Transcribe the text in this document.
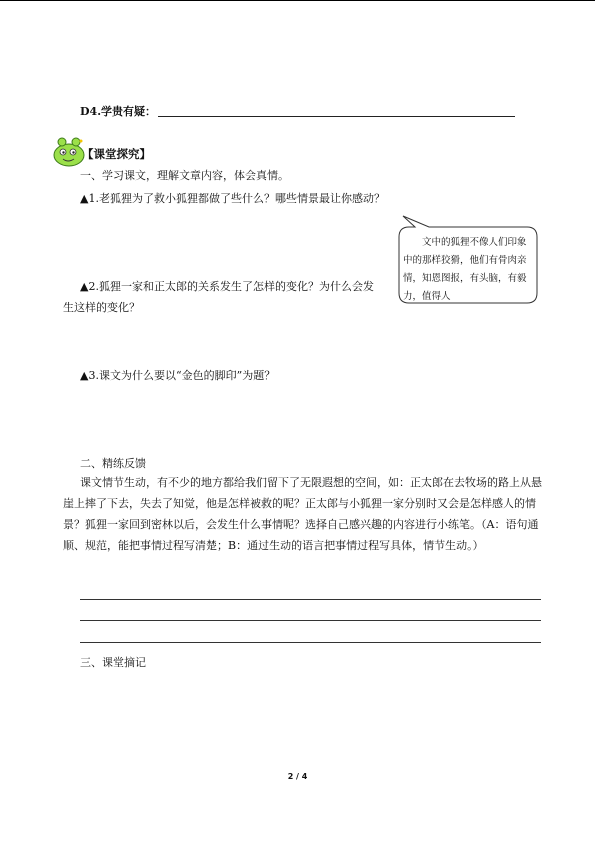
D4.学贵有疑：
【课堂探究】
一、学习课文，理解文章内容，体会真情。
▲1.老狐狸为了救小狐狸都做了些什么？哪些情景最让你感动？
文中的狐狸不像人们印象中的那样狡猾，他们有骨肉亲情，知恩图报，有头脑，有毅力，值得人
▲2.狐狸一家和正太郎的关系发生了怎样的变化？为什么会发生这样的变化？
▲3.课文为什么要以“金色的脚印”为题？
二、精练反馈
课文情节生动，有不少的地方都给我们留下了无限遐想的空间，如：正太郎在去牧场的路上从悬崖上摔了下去，失去了知觉，他是怎样被救的呢？正太郎与小狐狸一家分别时又会是怎样感人的情景？狐狸一家回到密林以后，会发生什么事情呢？选择自己感兴趣的内容进行小练笔。（A：语句通顺、规范，能把事情过程写清楚；B：通过生动的语言把事情过程写具体，情节生动。）
三、课堂摘记
2 / 4
